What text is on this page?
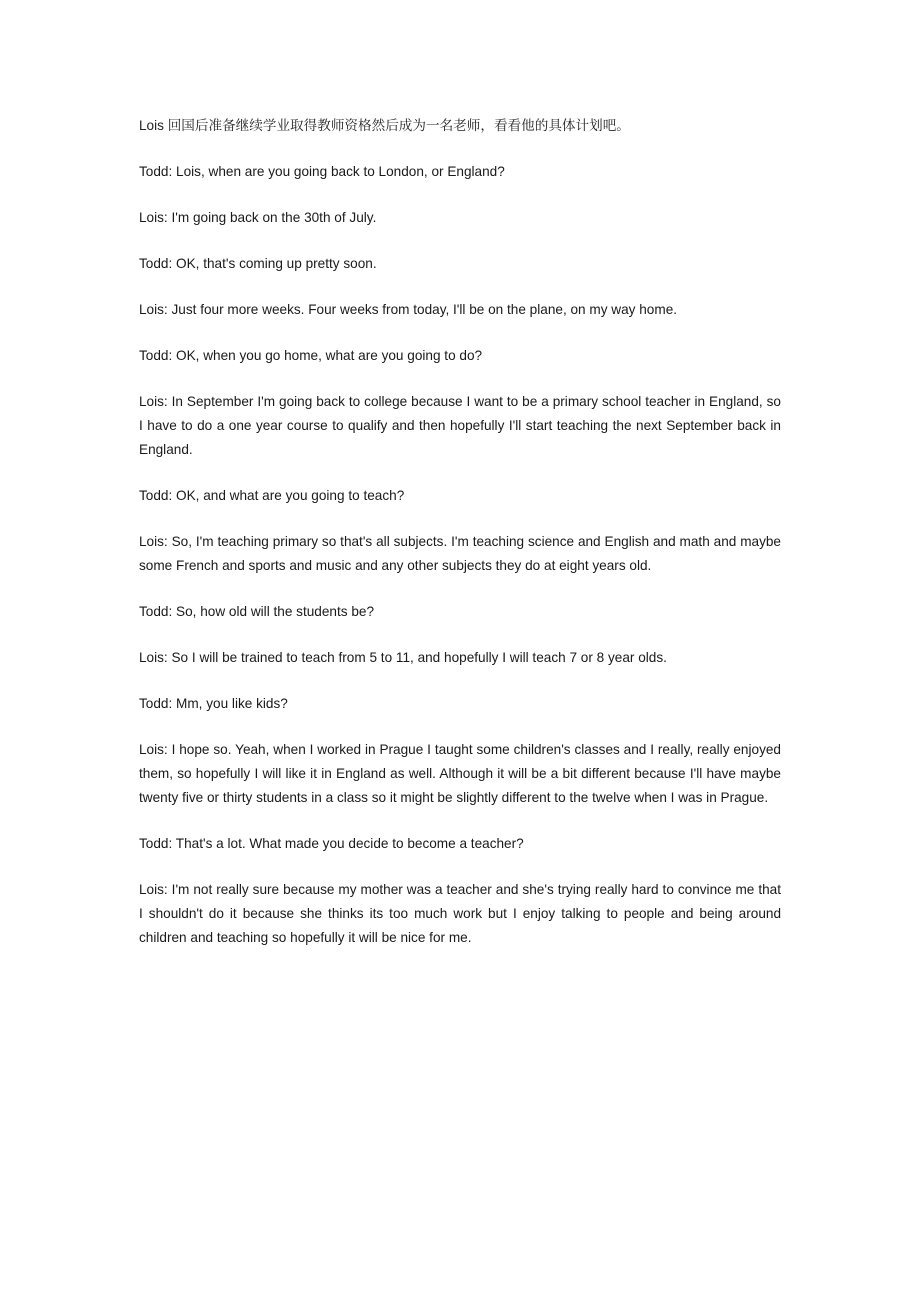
Lois 回国后准备继续学业取得教师资格然后成为一名老师，看看他的具体计划吧。

Todd: Lois, when are you going back to London, or England?

Lois: I'm going back on the 30th of July.

Todd: OK, that's coming up pretty soon.

Lois: Just four more weeks. Four weeks from today, I'll be on the plane, on my way home.

Todd: OK, when you go home, what are you going to do?

Lois: In September I'm going back to college because I want to be a primary school teacher in England, so I have to do a one year course to qualify and then hopefully I'll start teaching the next September back in England.

Todd: OK, and what are you going to teach?

Lois: So, I'm teaching primary so that's all subjects. I'm teaching science and English and math and maybe some French and sports and music and any other subjects they do at eight years old.

Todd: So, how old will the students be?

Lois: So I will be trained to teach from 5 to 11, and hopefully I will teach 7 or 8 year olds.

Todd: Mm, you like kids?

Lois: I hope so. Yeah, when I worked in Prague I taught some children's classes and I really, really enjoyed them, so hopefully I will like it in England as well. Although it will be a bit different because I'll have maybe twenty five or thirty students in a class so it might be slightly different to the twelve when I was in Prague.

Todd: That's a lot. What made you decide to become a teacher?

Lois: I'm not really sure because my mother was a teacher and she's trying really hard to convince me that I shouldn't do it because she thinks its too much work but I enjoy talking to people and being around children and teaching so hopefully it will be nice for me.
